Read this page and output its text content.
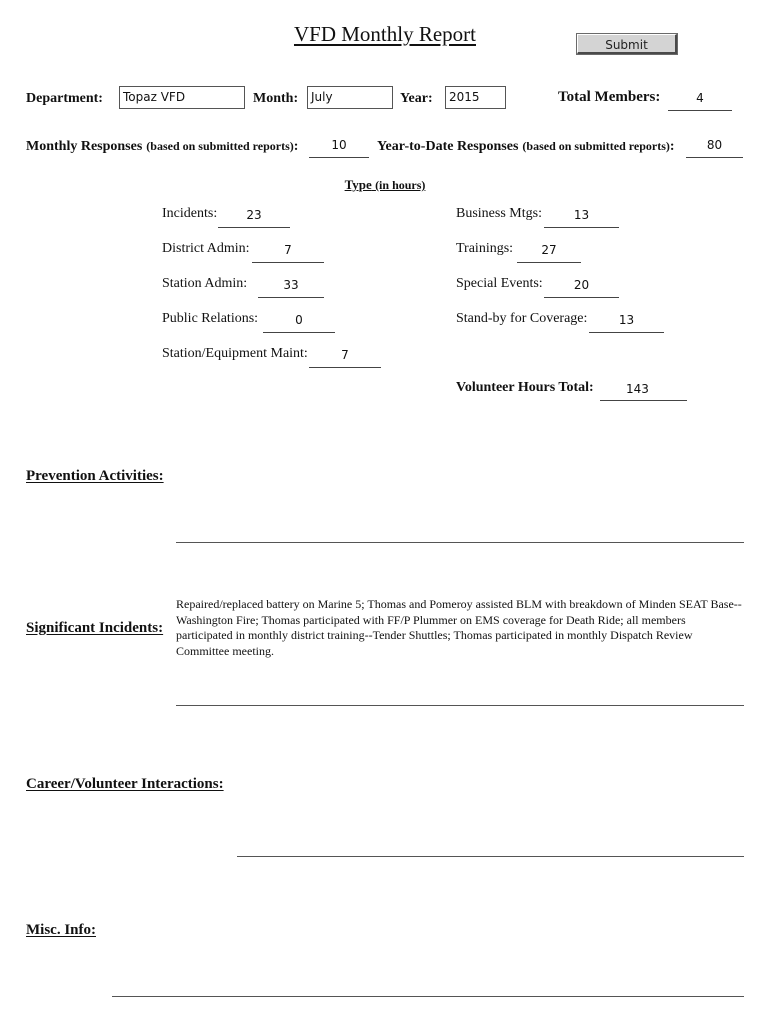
VFD Monthly Report	Submit
Department:	Topaz VFD	Month:	July	Year:	2015	Total Members:	4
Monthly Responses (based on submitted reports):	10	Year-to-Date Responses (based on submitted reports):	80
Type (in hours)
Incidents:	23
District Admin:	7
Station Admin:	33
Public Relations:	0
Station/Equipment Maint:	7
Business Mtgs:	13
Trainings:	27
Special Events:	20
Stand-by for Coverage:	13
Volunteer Hours Total:	143
Prevention Activities:
Significant Incidents:
Repaired/replaced battery on Marine 5; Thomas and Pomeroy assisted BLM with breakdown of Minden SEAT Base--Washington Fire; Thomas participated with FF/P Plummer on EMS coverage for Death Ride; all members participated in monthly district training--Tender Shuttles; Thomas participated in monthly Dispatch Review Committee meeting.
Career/Volunteer Interactions:
Misc. Info:
